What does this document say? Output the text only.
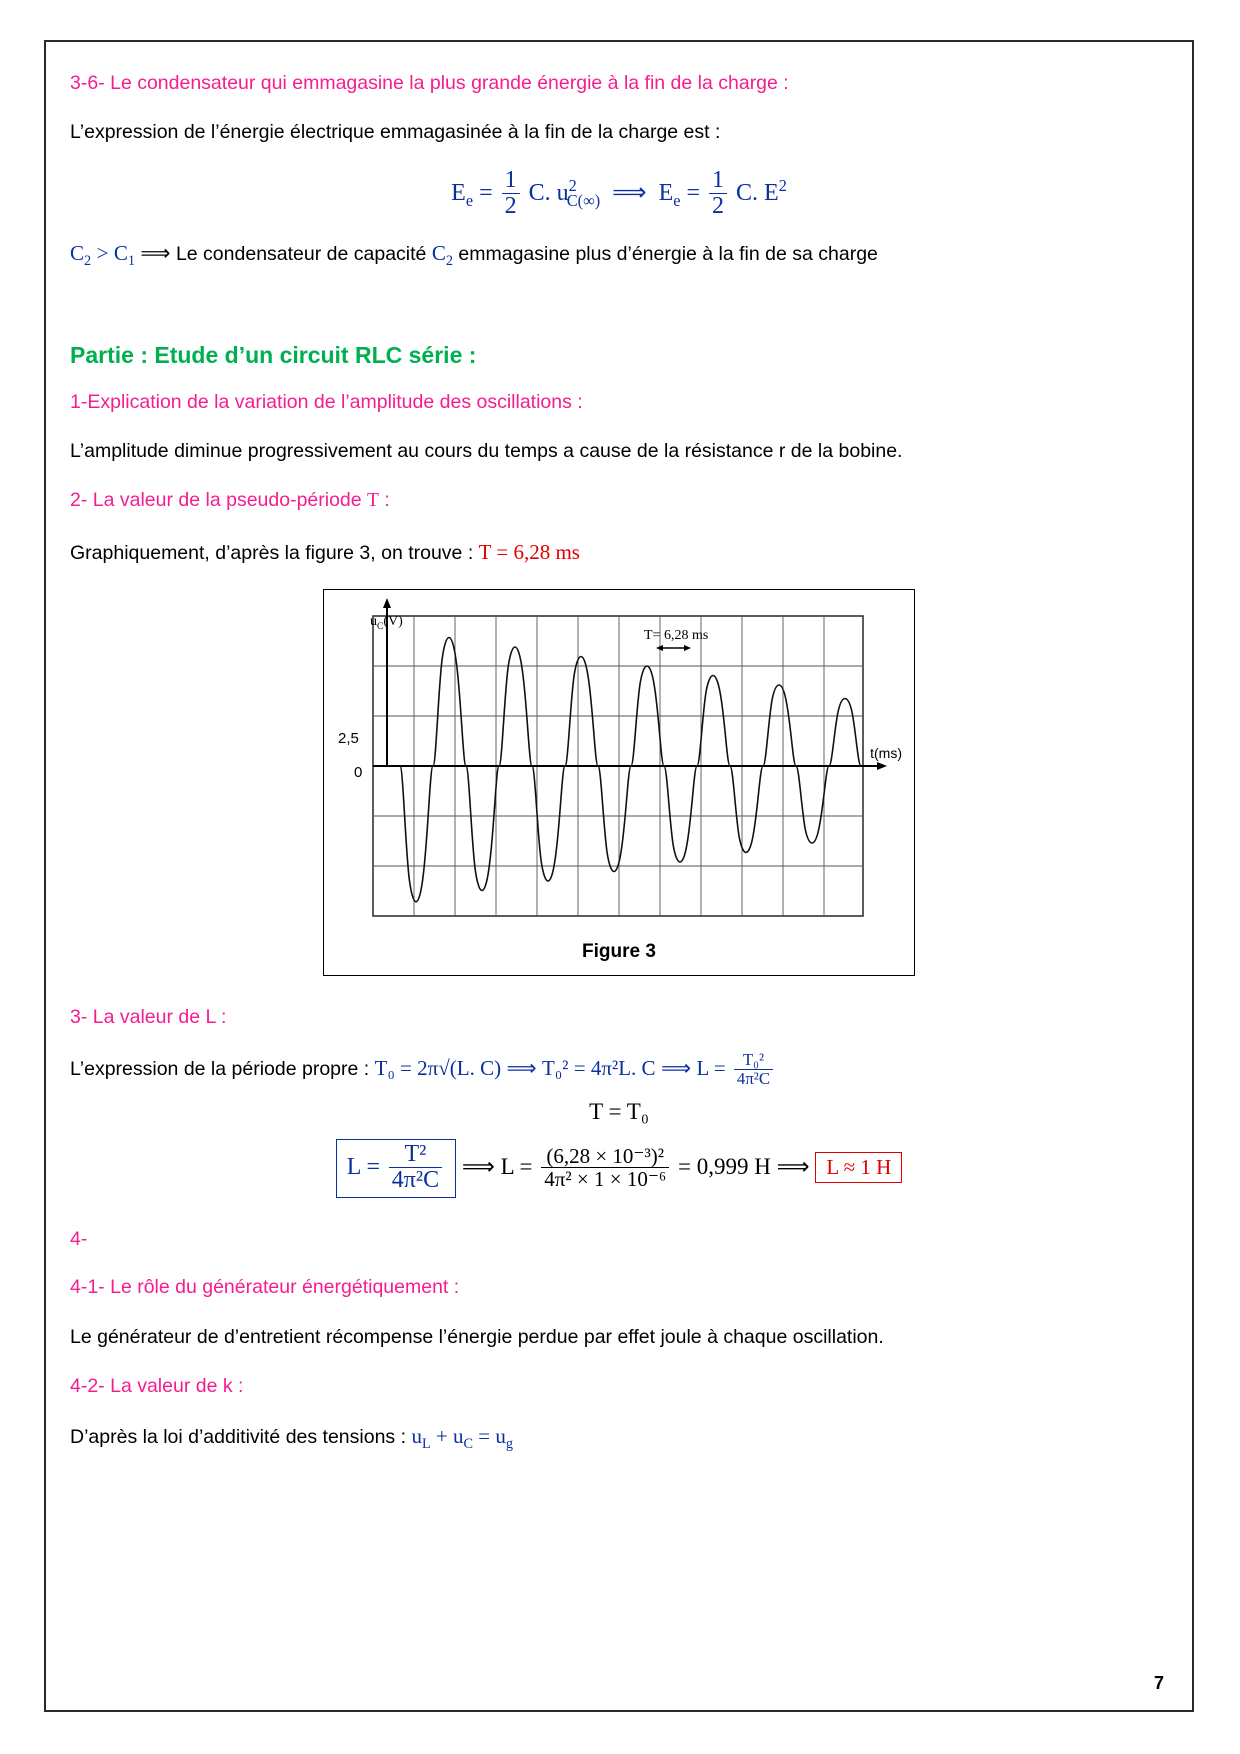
3-6- Le condensateur qui emmagasine la plus grande énergie à la fin de la charge :

L’expression de l’énergie électrique emmagasinée à la fin de la charge est :

$E_e = \frac{1}{2} C$. $u^2_{C(\infty)}$ ⟹ $E_e = \frac{1}{2} C$. $E^2$

$C_2 > C_1$ ⟹ Le condensateur de capacité $C_2$ emmagasine plus d’énergie à la fin de sa charge

Partie : Etude d’un circuit RLC série :

1-Explication de la variation de l’amplitude des oscillations :

L’amplitude diminue progressivement au cours du temps a cause de la résistance r de la bobine.

2- La valeur de la pseudo-période T :

Graphiquement, d’après la figure 3, on trouve : T = 6,28 ms

$u_C(V)$
t(ms)
2,5
0
T= 6,28 ms
Figure 3

3- La valeur de L :

L’expression de la période propre : T₀ = 2π√(L. C) ⟹ T₀² = 4π²L. C ⟹ $L = \frac{\text{T₀²}}{\text{4π²C}}$

T = T₀
$L = \frac{\text{T²}}{\text{4π²C}}$ ⟹ $L = \frac{\text{(6,28 × 10⁻³)²}}{\text{4π² × 1 × 10⁻⁶}} = 0,999$ H ⟹ L ≈ 1 H

4-

4-1- Le rôle du générateur énergétiquement :

Le générateur de d’entretient récompense l’énergie perdue par effet joule à chaque oscillation.

4-2- La valeur de k :

D’après la loi d’additivité des tensions : $u_L + u_C = u_g$

7
